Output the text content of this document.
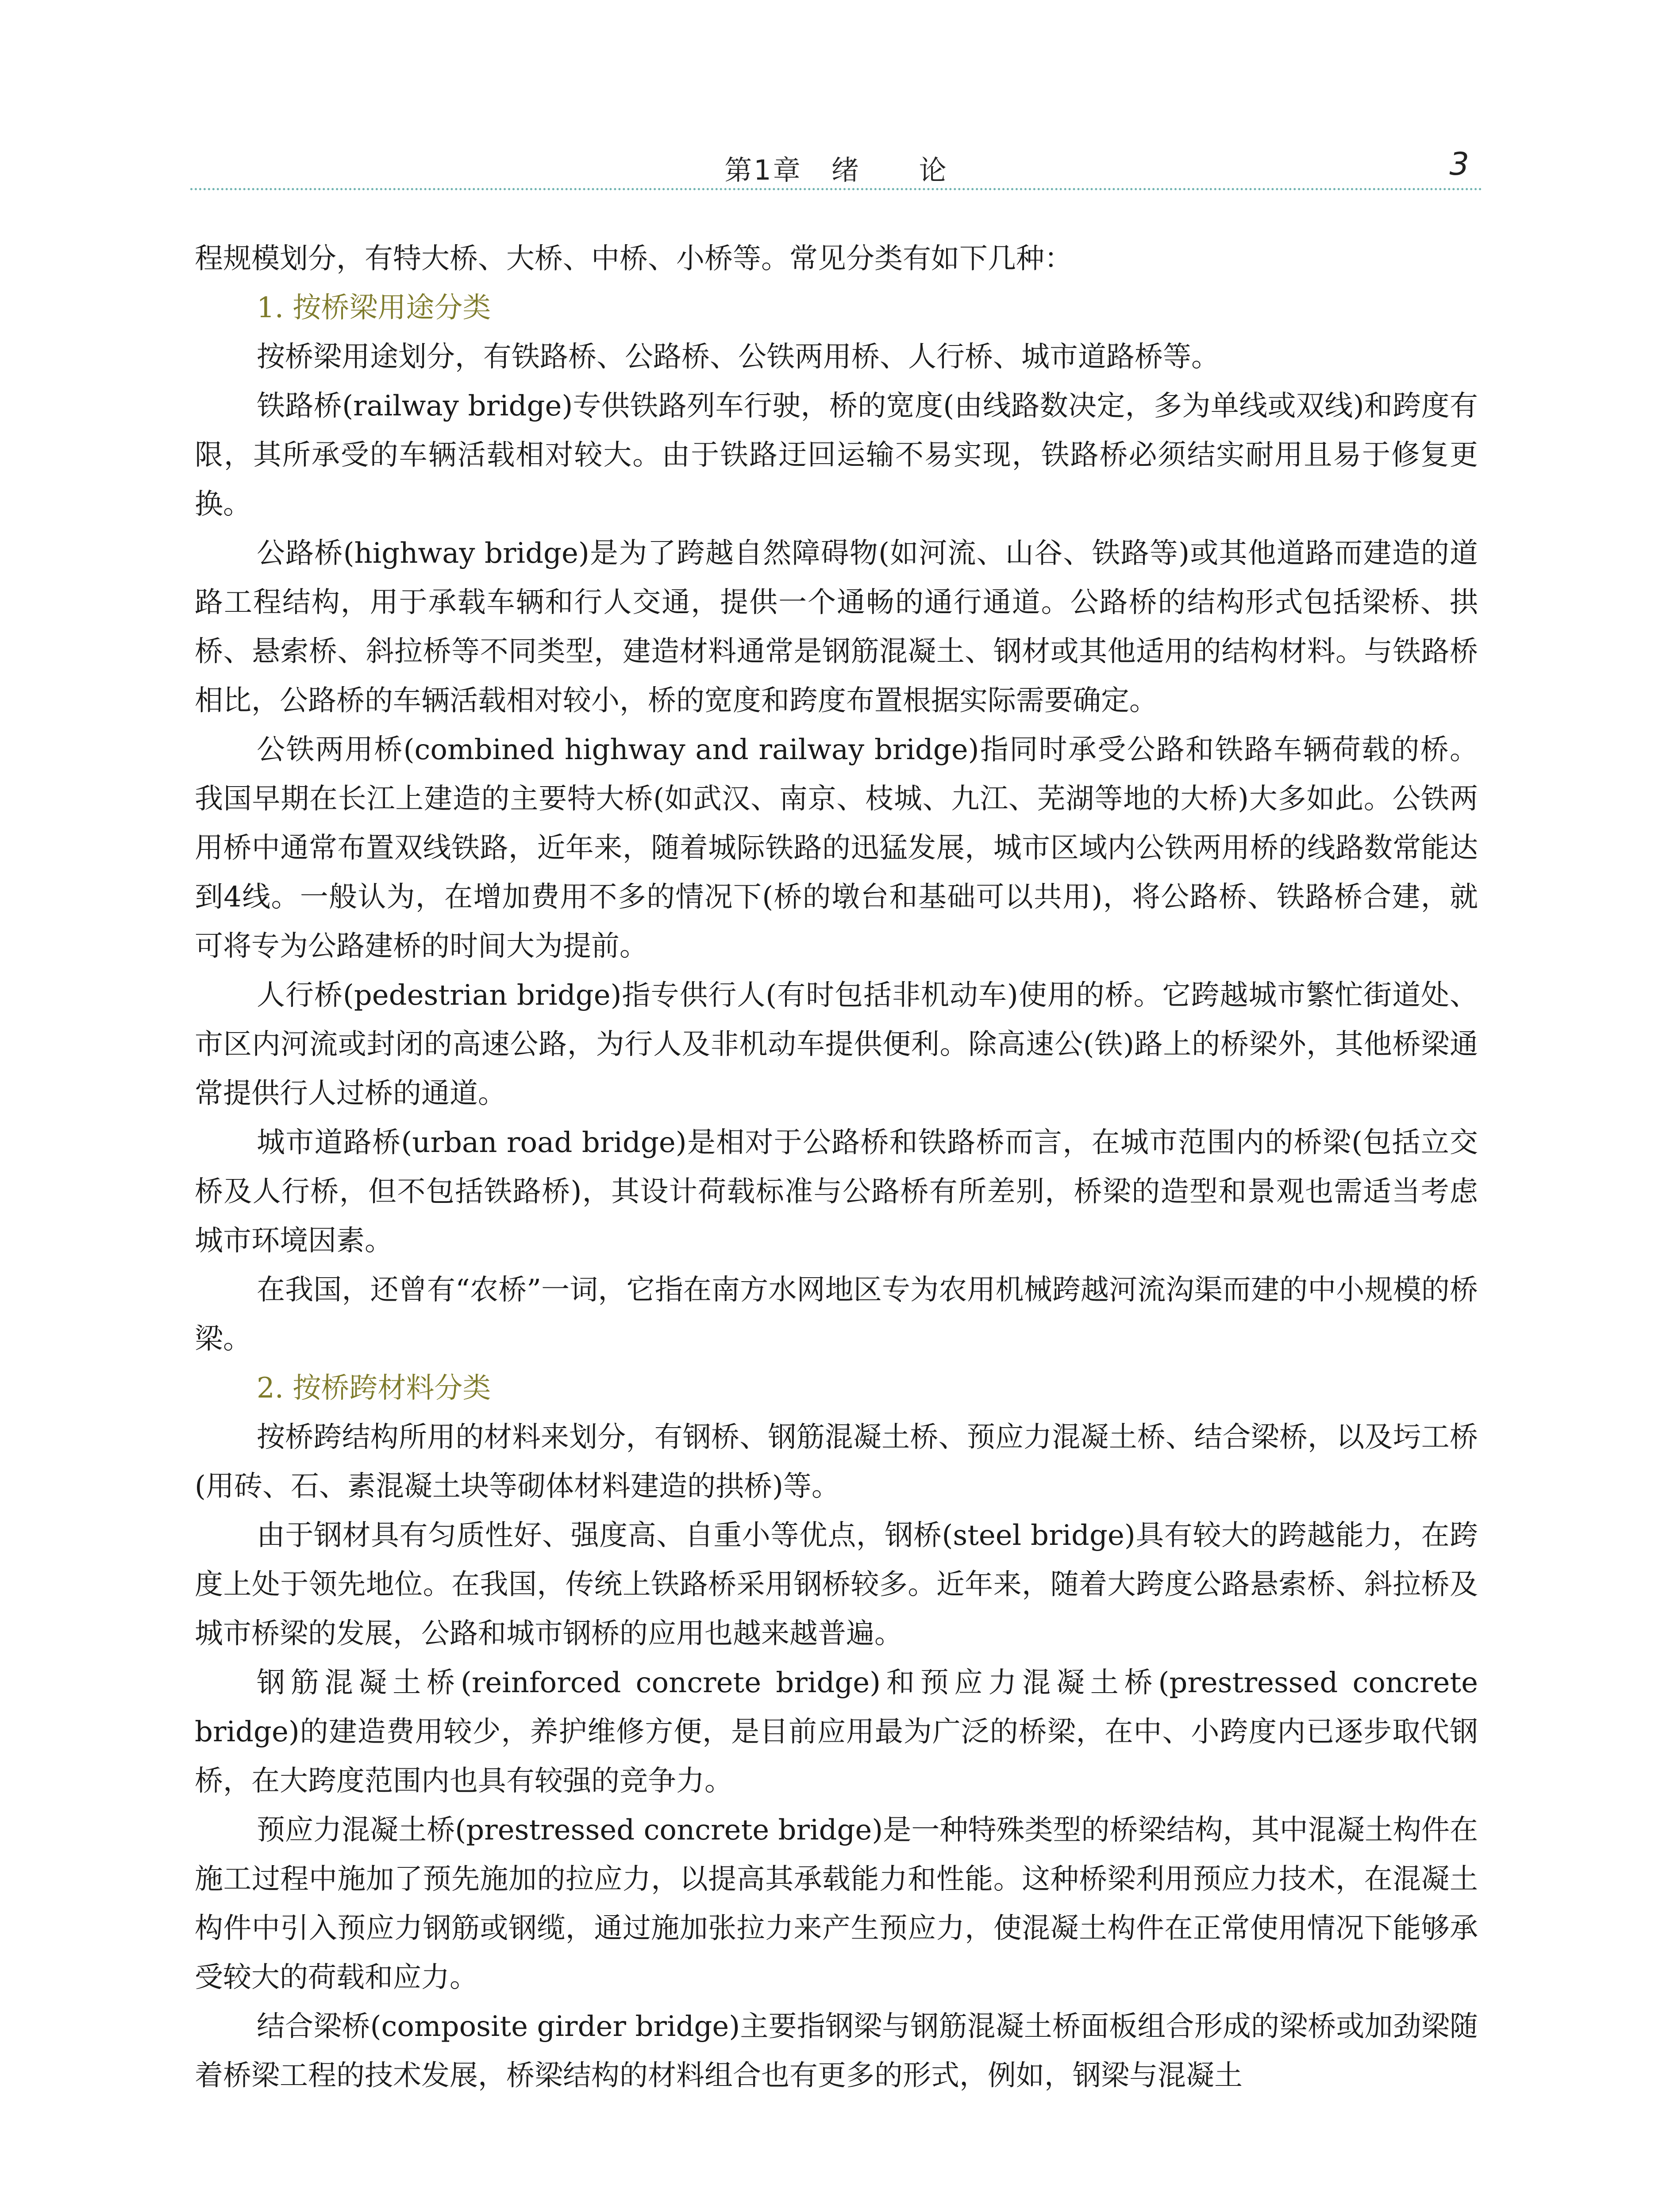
第1章　绪　　论	3

程规模划分，有特大桥、大桥、中桥、小桥等。常见分类有如下几种：

1. 按桥梁用途分类

按桥梁用途划分，有铁路桥、公路桥、公铁两用桥、人行桥、城市道路桥等。

铁路桥(railway bridge)专供铁路列车行驶，桥的宽度(由线路数决定，多为单线或双线)和跨度有限，其所承受的车辆活载相对较大。由于铁路迂回运输不易实现，铁路桥必须结实耐用且易于修复更换。

公路桥(highway bridge)是为了跨越自然障碍物(如河流、山谷、铁路等)或其他道路而建造的道路工程结构，用于承载车辆和行人交通，提供一个通畅的通行通道。公路桥的结构形式包括梁桥、拱桥、悬索桥、斜拉桥等不同类型，建造材料通常是钢筋混凝土、钢材或其他适用的结构材料。与铁路桥相比，公路桥的车辆活载相对较小，桥的宽度和跨度布置根据实际需要确定。

公铁两用桥(combined highway and railway bridge)指同时承受公路和铁路车辆荷载的桥。我国早期在长江上建造的主要特大桥(如武汉、南京、枝城、九江、芜湖等地的大桥)大多如此。公铁两用桥中通常布置双线铁路，近年来，随着城际铁路的迅猛发展，城市区域内公铁两用桥的线路数常能达到4线。一般认为，在增加费用不多的情况下(桥的墩台和基础可以共用)，将公路桥、铁路桥合建，就可将专为公路建桥的时间大为提前。

人行桥(pedestrian bridge)指专供行人(有时包括非机动车)使用的桥。它跨越城市繁忙街道处、市区内河流或封闭的高速公路，为行人及非机动车提供便利。除高速公(铁)路上的桥梁外，其他桥梁通常提供行人过桥的通道。

城市道路桥(urban road bridge)是相对于公路桥和铁路桥而言，在城市范围内的桥梁(包括立交桥及人行桥，但不包括铁路桥)，其设计荷载标准与公路桥有所差别，桥梁的造型和景观也需适当考虑城市环境因素。

在我国，还曾有“农桥”一词，它指在南方水网地区专为农用机械跨越河流沟渠而建的中小规模的桥梁。

2. 按桥跨材料分类

按桥跨结构所用的材料来划分，有钢桥、钢筋混凝土桥、预应力混凝土桥、结合梁桥，以及圬工桥(用砖、石、素混凝土块等砌体材料建造的拱桥)等。

由于钢材具有匀质性好、强度高、自重小等优点，钢桥(steel bridge)具有较大的跨越能力，在跨度上处于领先地位。在我国，传统上铁路桥采用钢桥较多。近年来，随着大跨度公路悬索桥、斜拉桥及城市桥梁的发展，公路和城市钢桥的应用也越来越普遍。

钢筋混凝土桥(reinforced concrete bridge)和预应力混凝土桥(prestressed concrete bridge)的建造费用较少，养护维修方便，是目前应用最为广泛的桥梁，在中、小跨度内已逐步取代钢桥，在大跨度范围内也具有较强的竞争力。

预应力混凝土桥(prestressed concrete bridge)是一种特殊类型的桥梁结构，其中混凝土构件在施工过程中施加了预先施加的拉应力，以提高其承载能力和性能。这种桥梁利用预应力技术，在混凝土构件中引入预应力钢筋或钢缆，通过施加张拉力来产生预应力，使混凝土构件在正常使用情况下能够承受较大的荷载和应力。

结合梁桥(composite girder bridge)主要指钢梁与钢筋混凝土桥面板组合形成的梁桥或加劲梁随着桥梁工程的技术发展，桥梁结构的材料组合也有更多的形式，例如，钢梁与混凝土
